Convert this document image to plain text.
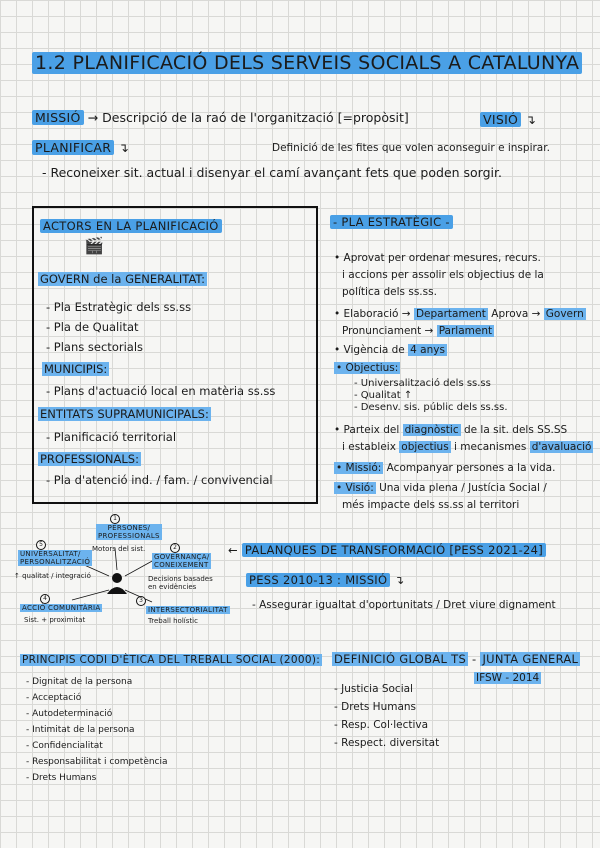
1.2 PLANIFICACIÓ DELS SERVEIS SOCIALS A CATALUNYA
MISSIÓ → Descripció de la raó de l'organització [=propòsit]	VISIÓ ↴
PLANIFICAR ↴	Definició de les fites que volen aconseguir e inspirar.
- Reconeixer sit. actual i disenyar el camí avançant fets que poden sorgir.
ACTORS EN LA PLANIFICACIÓ
🎬
GOVERN de la GENERALITAT:
- Pla Estratègic dels ss.ss
- Pla de Qualitat
- Plans sectorials
MUNICIPIS:
- Plans d'actuació local en matèria ss.ss
ENTITATS SUPRAMUNICIPALS:
- Planificació territorial
PROFESSIONALS:
- Pla d'atenció ind. / fam. / convivencial
- PLA ESTRATÈGIC -
• Aprovat per ordenar mesures, recurs.
i accions per assolir els objectius de la
política dels ss.ss.
• Elaboració → Departament Aprova → Govern
Pronunciament → Parlament
• Vigència de 4 anys
• Objectius:
- Universalització dels ss.ss
- Qualitat ↑
- Desenv. sis. públic dels ss.ss.
• Parteix del diagnòstic de la sit. dels SS.SS
i estableix objectius i mecanismes d'avaluació
• Missió: Acompanyar persones a la vida.
• Visió: Una vida plena / Justícia Social /
més impacte dels ss.ss al territori
1
PERSONES/
PROFESSIONALS
Motors del sist.	2
GOVERNANÇA/
CONEIXEMENT
Decisions basades en evidències
3
INTERSECTORIALITAT
Treball holístic
4
ACCIÓ COMUNITÀRIA
Sist. + proximitat
5
UNIVERSALITAT/
PERSONALITZACIÓ
↑ qualitat / integració
← PALANQUES DE TRANSFORMACIÓ [PESS 2021-24]
PESS 2010-13 : MISSIÓ ↴
- Assegurar igualtat d'oportunitats / Dret viure dignament
PRINCIPIS CODI D'ÈTICA DEL TREBALL SOCIAL (2000):
- Dignitat de la persona
- Acceptació
- Autodeterminació
- Intimitat de la persona
- Confidencialitat
- Responsabilitat i competència
- Drets Humans
DEFINICIÓ GLOBAL TS - JUNTA GENERAL
IFSW - 2014
- Justicia Social
- Drets Humans
- Resp. Col·lectiva
- Respect. diversitat
